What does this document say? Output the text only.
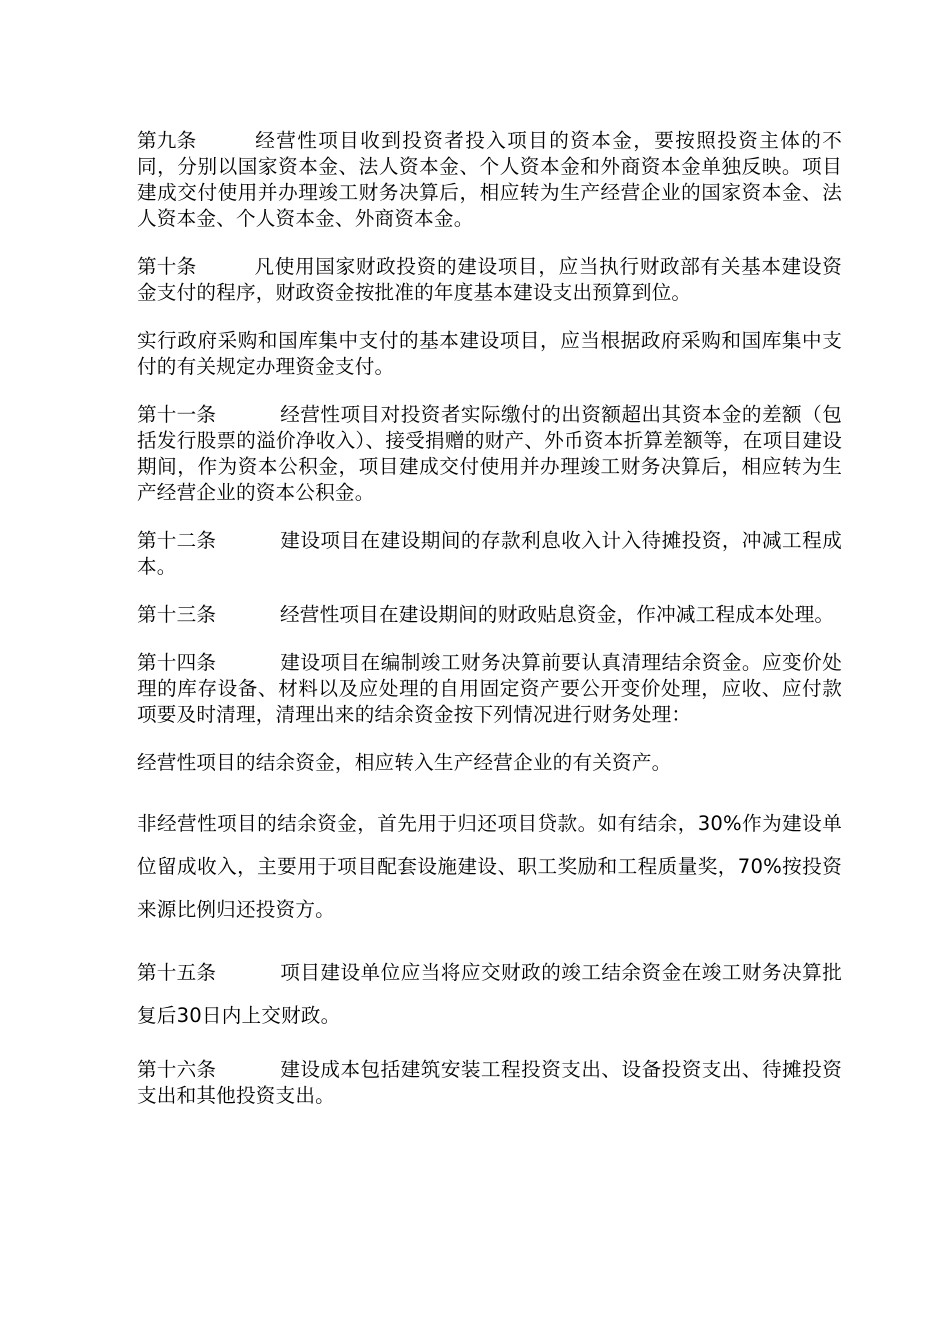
第九条	经营性项目收到投资者投入项目的资本金，要按照投资主体的不同，分别以国家资本金、法人资本金、个人资本金和外商资本金单独反映。项目建成交付使用并办理竣工财务决算后，相应转为生产经营企业的国家资本金、法人资本金、个人资本金、外商资本金。

第十条	凡使用国家财政投资的建设项目，应当执行财政部有关基本建设资金支付的程序，财政资金按批准的年度基本建设支出预算到位。

实行政府采购和国库集中支付的基本建设项目，应当根据政府采购和国库集中支付的有关规定办理资金支付。

第十一条	经营性项目对投资者实际缴付的出资额超出其资本金的差额（包括发行股票的溢价净收入）、接受捐赠的财产、外币资本折算差额等，在项目建设期间，作为资本公积金，项目建成交付使用并办理竣工财务决算后，相应转为生产经营企业的资本公积金。

第十二条	建设项目在建设期间的存款利息收入计入待摊投资，冲减工程成本。

第十三条	经营性项目在建设期间的财政贴息资金，作冲减工程成本处理。

第十四条	建设项目在编制竣工财务决算前要认真清理结余资金。应变价处理的库存设备、材料以及应处理的自用固定资产要公开变价处理，应收、应付款项要及时清理，清理出来的结余资金按下列情况进行财务处理：

经营性项目的结余资金，相应转入生产经营企业的有关资产。

非经营性项目的结余资金，首先用于归还项目贷款。如有结余，30%作为建设单位留成收入，主要用于项目配套设施建设、职工奖励和工程质量奖，70%按投资来源比例归还投资方。

第十五条	项目建设单位应当将应交财政的竣工结余资金在竣工财务决算批复后30日内上交财政。

第十六条	建设成本包括建筑安装工程投资支出、设备投资支出、待摊投资支出和其他投资支出。
